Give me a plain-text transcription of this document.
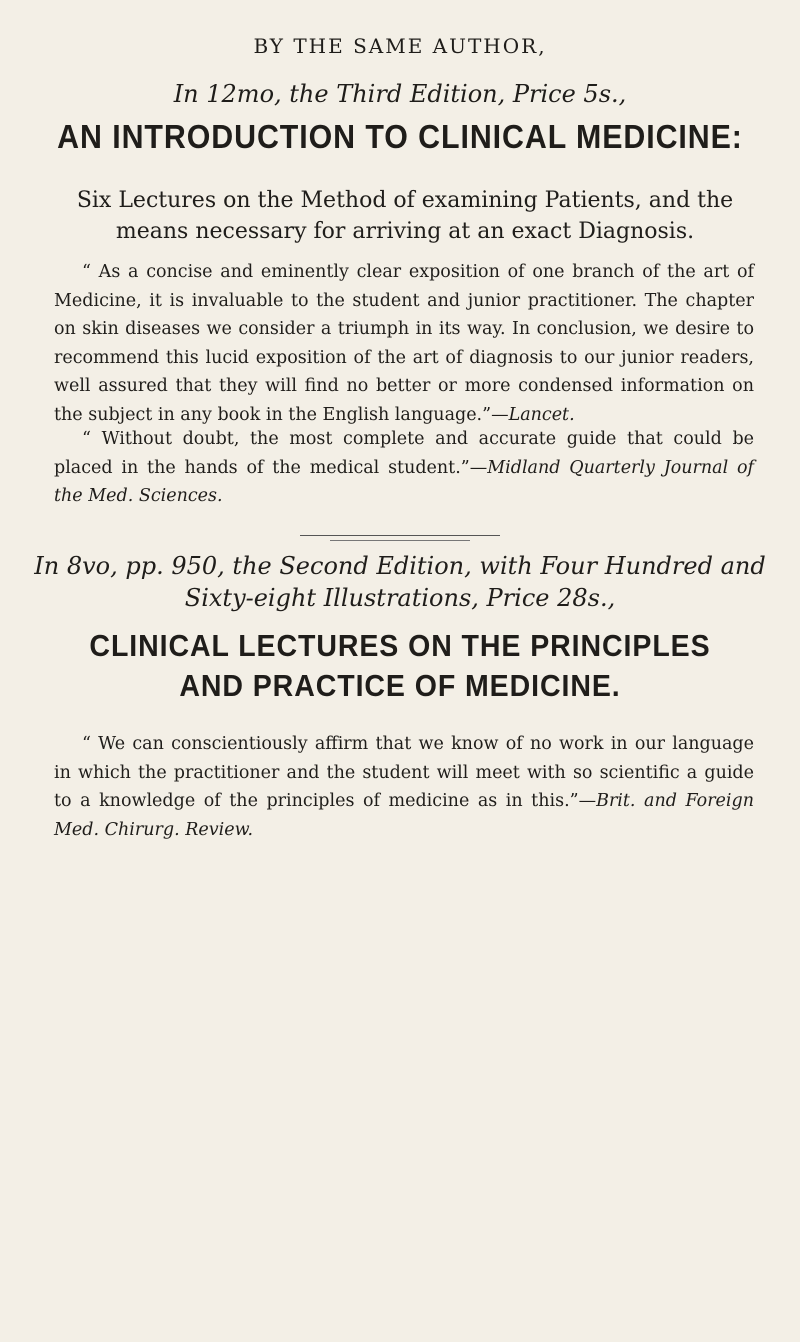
BY THE SAME AUTHOR,
In 12mo, the Third Edition, Price 5s.,
AN INTRODUCTION TO CLINICAL MEDICINE:
Six Lectures on the Method of examining Patients, and the means necessary for arriving at an exact Diagnosis.
“ As a concise and eminently clear exposition of one branch of the art of Medicine, it is invaluable to the student and junior practitioner. The chapter on skin diseases we consider a triumph in its way. In conclusion, we desire to recommend this lucid exposition of the art of diagnosis to our junior readers, well assured that they will find no better or more condensed information on the subject in any book in the English language.”—Lancet.
“ Without doubt, the most complete and accurate guide that could be placed in the hands of the medical student.”—Midland Quarterly Journal of the Med. Sciences.
In 8vo, pp. 950, the Second Edition, with Four Hundred and
Sixty-eight Illustrations, Price 28s.,
CLINICAL LECTURES ON THE PRINCIPLES
AND PRACTICE OF MEDICINE.
“ We can conscientiously affirm that we know of no work in our language in which the practitioner and the student will meet with so scientific a guide to a knowledge of the principles of medicine as in this.”—Brit. and Foreign Med. Chirurg. Review.
